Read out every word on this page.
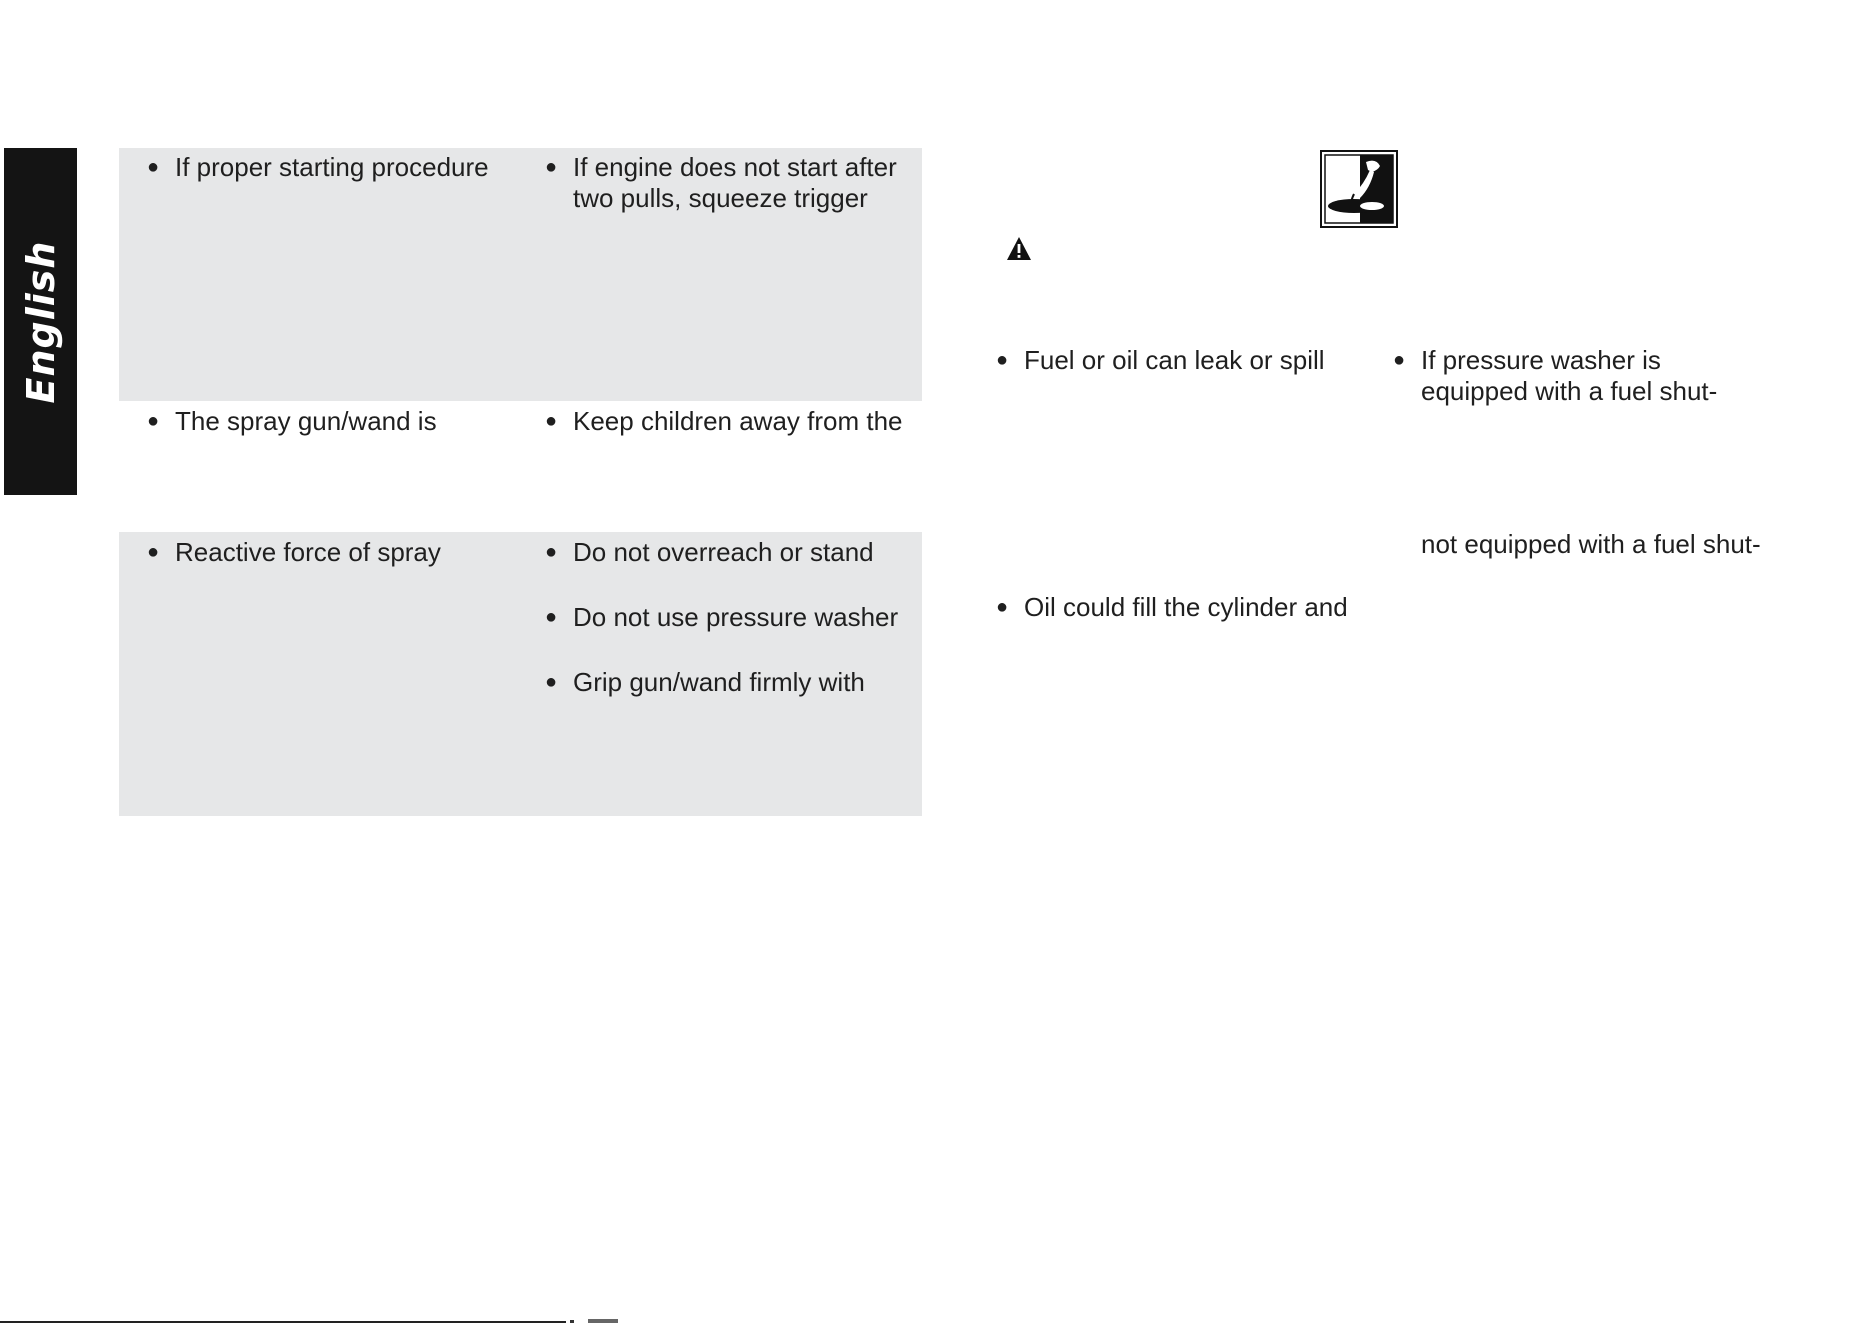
English
● If proper starting procedure	● If engine does not start after
two pulls, squeeze trigger
● The spray gun/wand is	● Keep children away from the
● Reactive force of spray	● Do not overreach or stand
● Do not use pressure washer
● Grip gun/wand firmly with
● Fuel or oil can leak or spill
● Oil could fill the cylinder and
● If pressure washer is
equipped with a fuel shut-
not equipped with a fuel shut-
